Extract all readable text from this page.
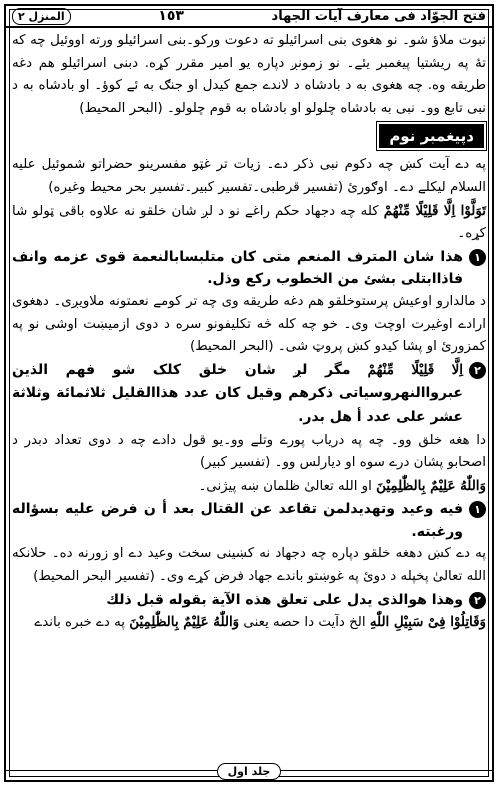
المنزل ٢	١٥٣	فتح الجوّاد فی معارف آيات الجهاد

نبوت ملاؤ شو۔ نو هغوى بنى اسرائيلو ته دعوت وركو۔بنى اسرائيلو ورته اووئيل چه كه تهٔ په ريشتيا پيغمبر يئے۔ نو زمونږ دپاره يو امير مقرر كړه. دبنى اسرائيلو هم دغه طريقه وه. چه هغوى به د بادشاه د لاندے جمع كيدل او جنګ به ئے كوؤ۔ او بادشاه به د نبى تابع وو۔ نبى به بادشاه چلولو او بادشاه به قوم چلولو۔ (البحر المحيط)

دپيغمبر نوم

په دے آيت كښ چه دكوم نبى ذكر دے۔ زيات تر غټو مفسرينو حضراتو شموئيل عليه السلام ليكلے دے۔ اوګورئ (تفسير قرطبى۔تفسير كبير۔تفسير بحر محيط وغيره)

تَوَلَّوْا اِلَّا قَلِيْلًا مِّنْهُمْ كله چه دجهاد حكم راغے نو د لږ شان خلقو نه علاوه باقى ټولو شا كړه۔

١
هذا شان المترف المنعم متى كان متلبسابالنعمة قوى عزمه وانف فاذاابتلى بشئ من الخطوب ركع وذل.

د مالدارو اوعيش پرستوخلقو هم دغه طريقه وى چه تر كومے نعمتونه ملاويږى۔ دهغوى ارادے اوغيرت اوچت وى۔ خو چه كله څه تكليفونو سره د دوى ازميښت اوشى نو په كمزورئ او پشا كيدو كښ پروټ شى۔ (البحر المحيط)

٢
اِلَّا قَلِيْلًا مِّنْهُمْ مگر لږ شان خلق كلک شو فهم الذين عبرواالنهروسياتى ذكرهم وقيل كان عدد هذاالقليل ثلاثمائة وثلاثة عشر على عدد أ هل بدر.

دا هغه خلق وو۔ چه په درياب پورے وتلے وو۔يو قول دادے چه د دوى تعداد دبدر د اصحابو پشان درے سوه او ديارلس وو۔ (تفسير كبير)

وَاللّٰهُ عَلِيْمٌ بِالظّٰلِمِيْنَ او الله تعالىٰ ظلمان ښه پيژنى۔

١
فيه وعيد وتهديدلمن تقاعد عن القتال بعد أ ن فرض عليه بسؤاله ورغبته.

په دے كښ دهغه خلقو دپاره چه دجهاد نه كښينى سخت وعيد دے او زورنه ده۔ حلانكه الله تعالىٰ پخپله د دوئ په غوښتو باندے جهاد فرض كړے وى۔ (تفسير البحر المحيط)

٢
وهذا هوالذى يدل على تعلق هذه الآية بقوله قبل ذلك

وَقَاتِلُوْا فِىْ سَبِيْلِ اللّٰهِ الخ دآيت دا حصه يعنى وَاللّٰهُ عَلِيْمٌ بِالظّٰلِمِيْنَ په دے خبره باندے

جلد اول
